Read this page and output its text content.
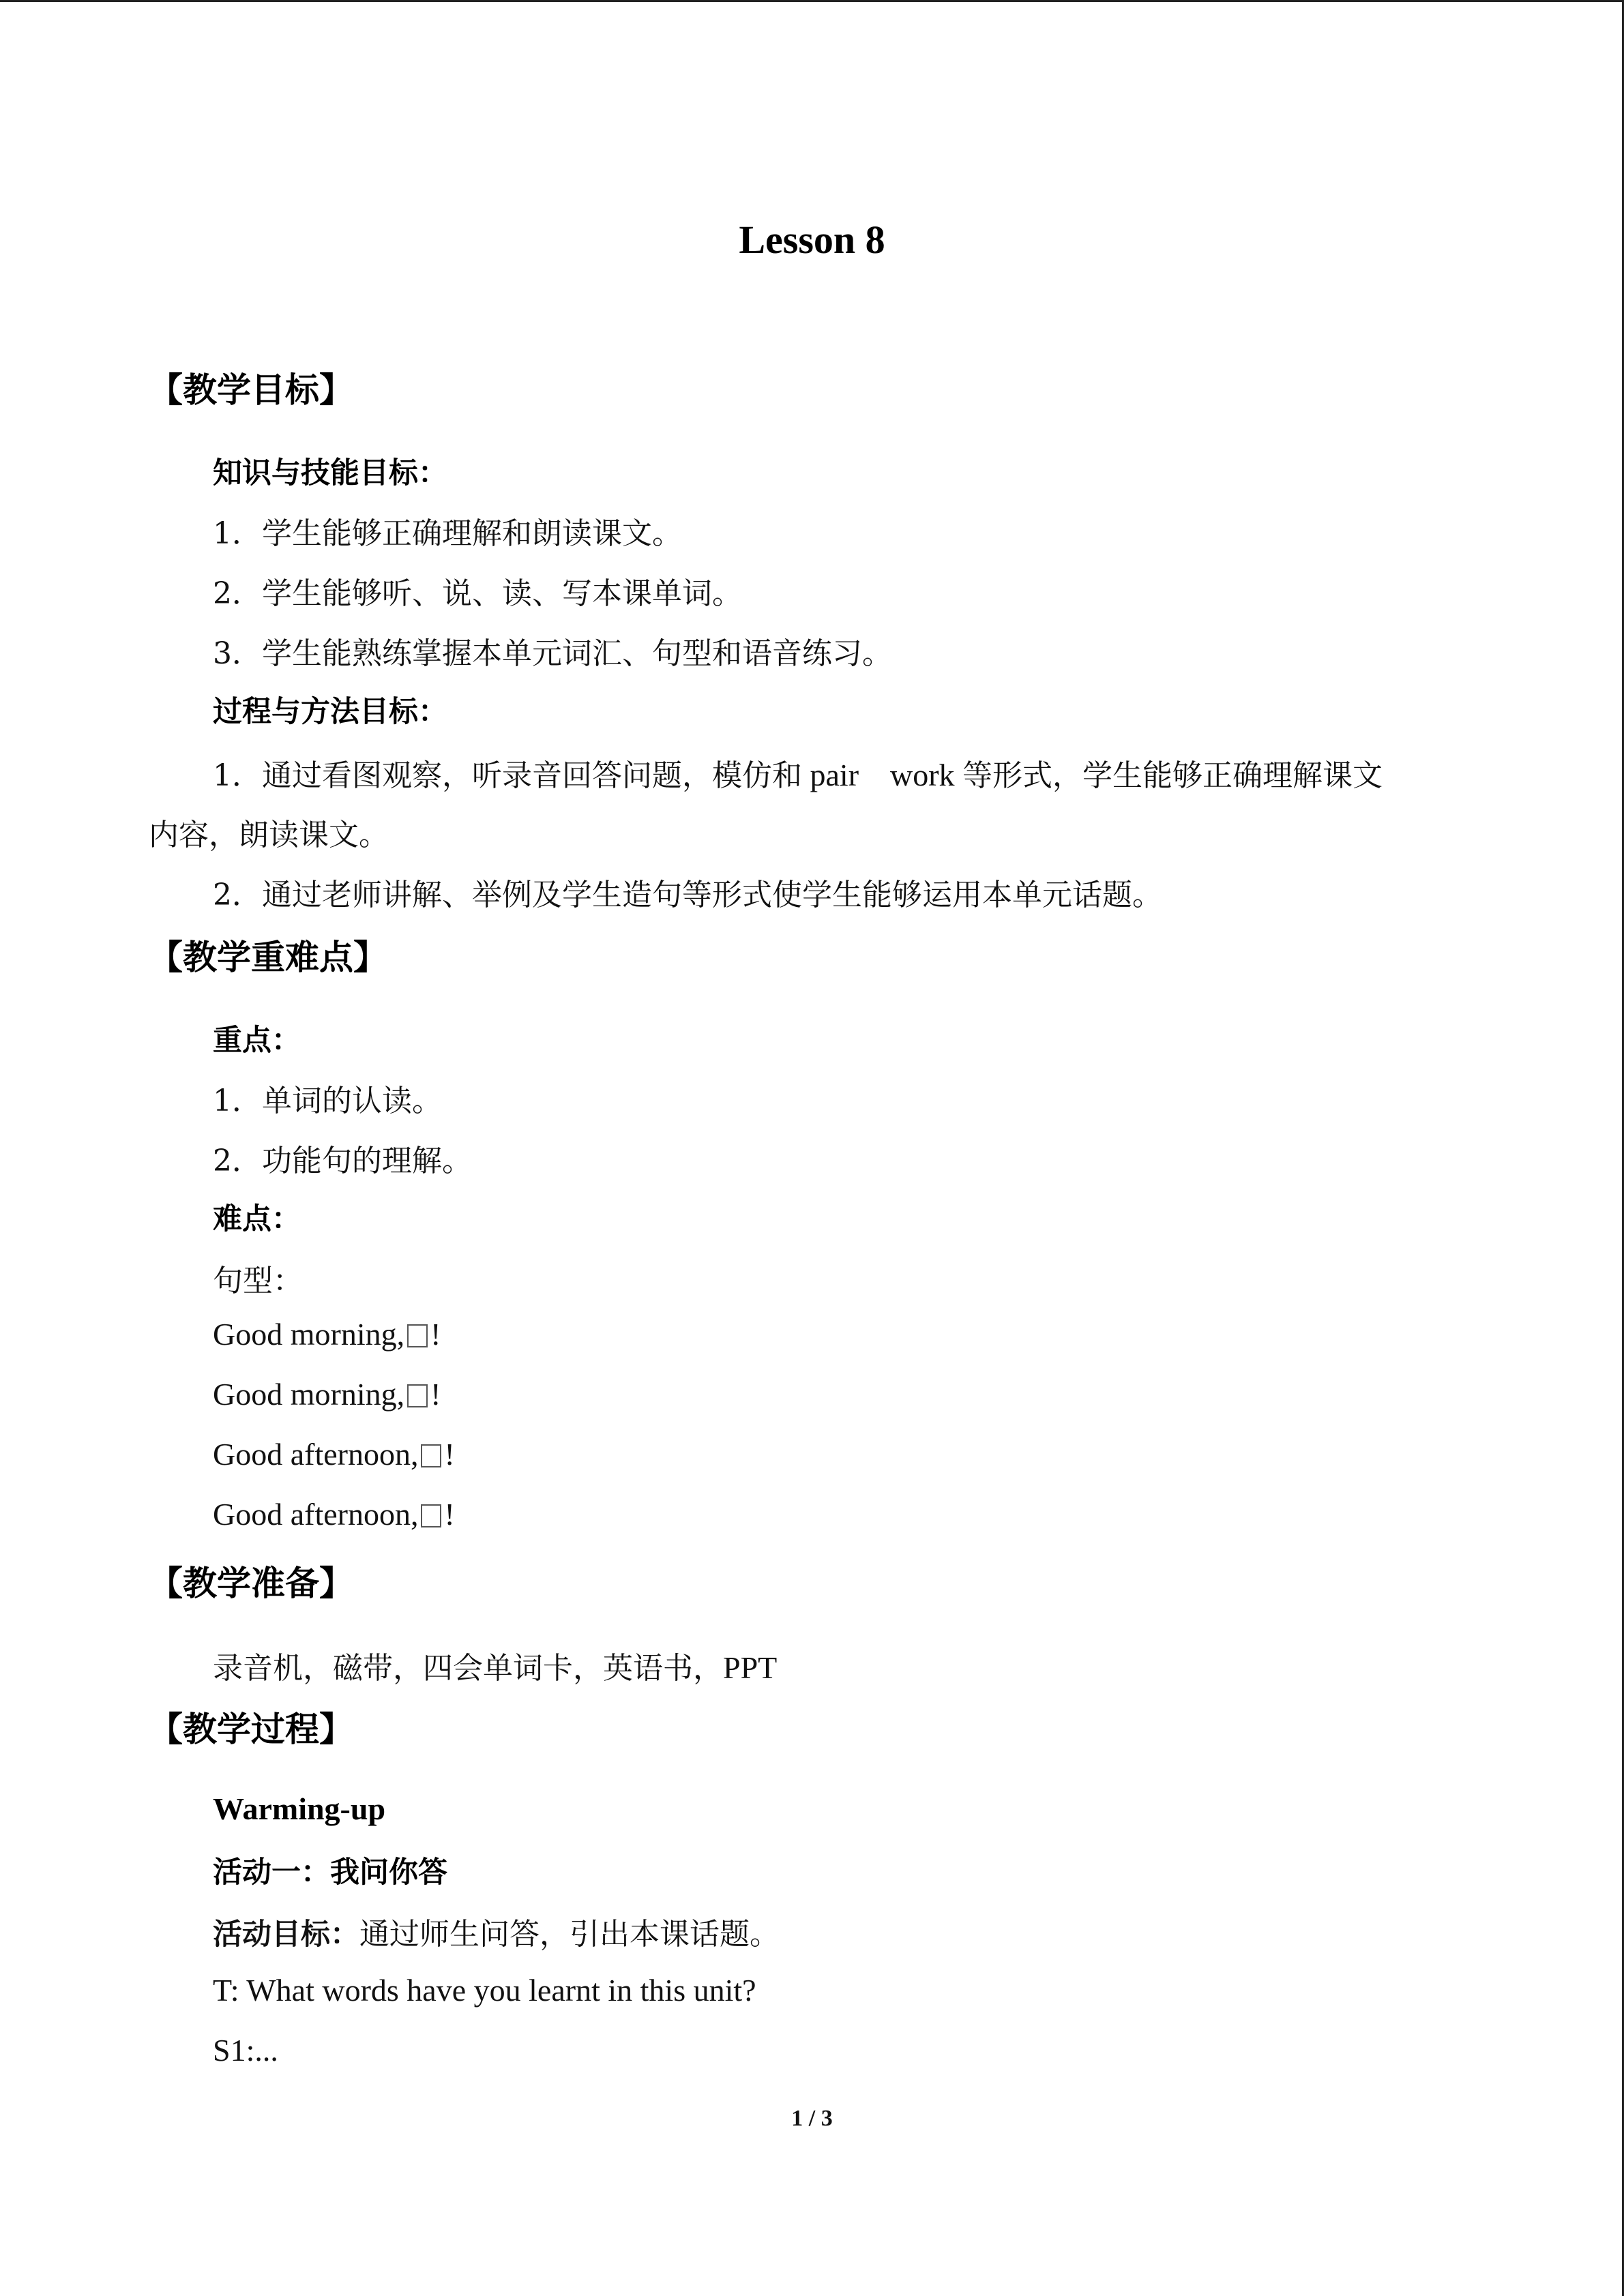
Lesson 8
【教学目标】
知识与技能目标：
1．学生能够正确理解和朗读课文。
2．学生能够听、说、读、写本课单词。
3．学生能熟练掌握本单元词汇、句型和语音练习。
过程与方法目标：
1．通过看图观察，听录音回答问题，模仿和 pair　work 等形式，学生能够正确理解课文
内容，朗读课文。
2．通过老师讲解、举例及学生造句等形式使学生能够运用本单元话题。
【教学重难点】
重点：
1．单词的认读。
2．功能句的理解。
难点：
句型：
Good morning, !
Good morning, !
Good afternoon, !
Good afternoon, !
【教学准备】
录音机，磁带，四会单词卡，英语书，PPT
【教学过程】
Warming-up
活动一：我问你答
活动目标：通过师生问答，引出本课话题。
T: What words have you learnt in this unit?
S1:...
1 / 3
